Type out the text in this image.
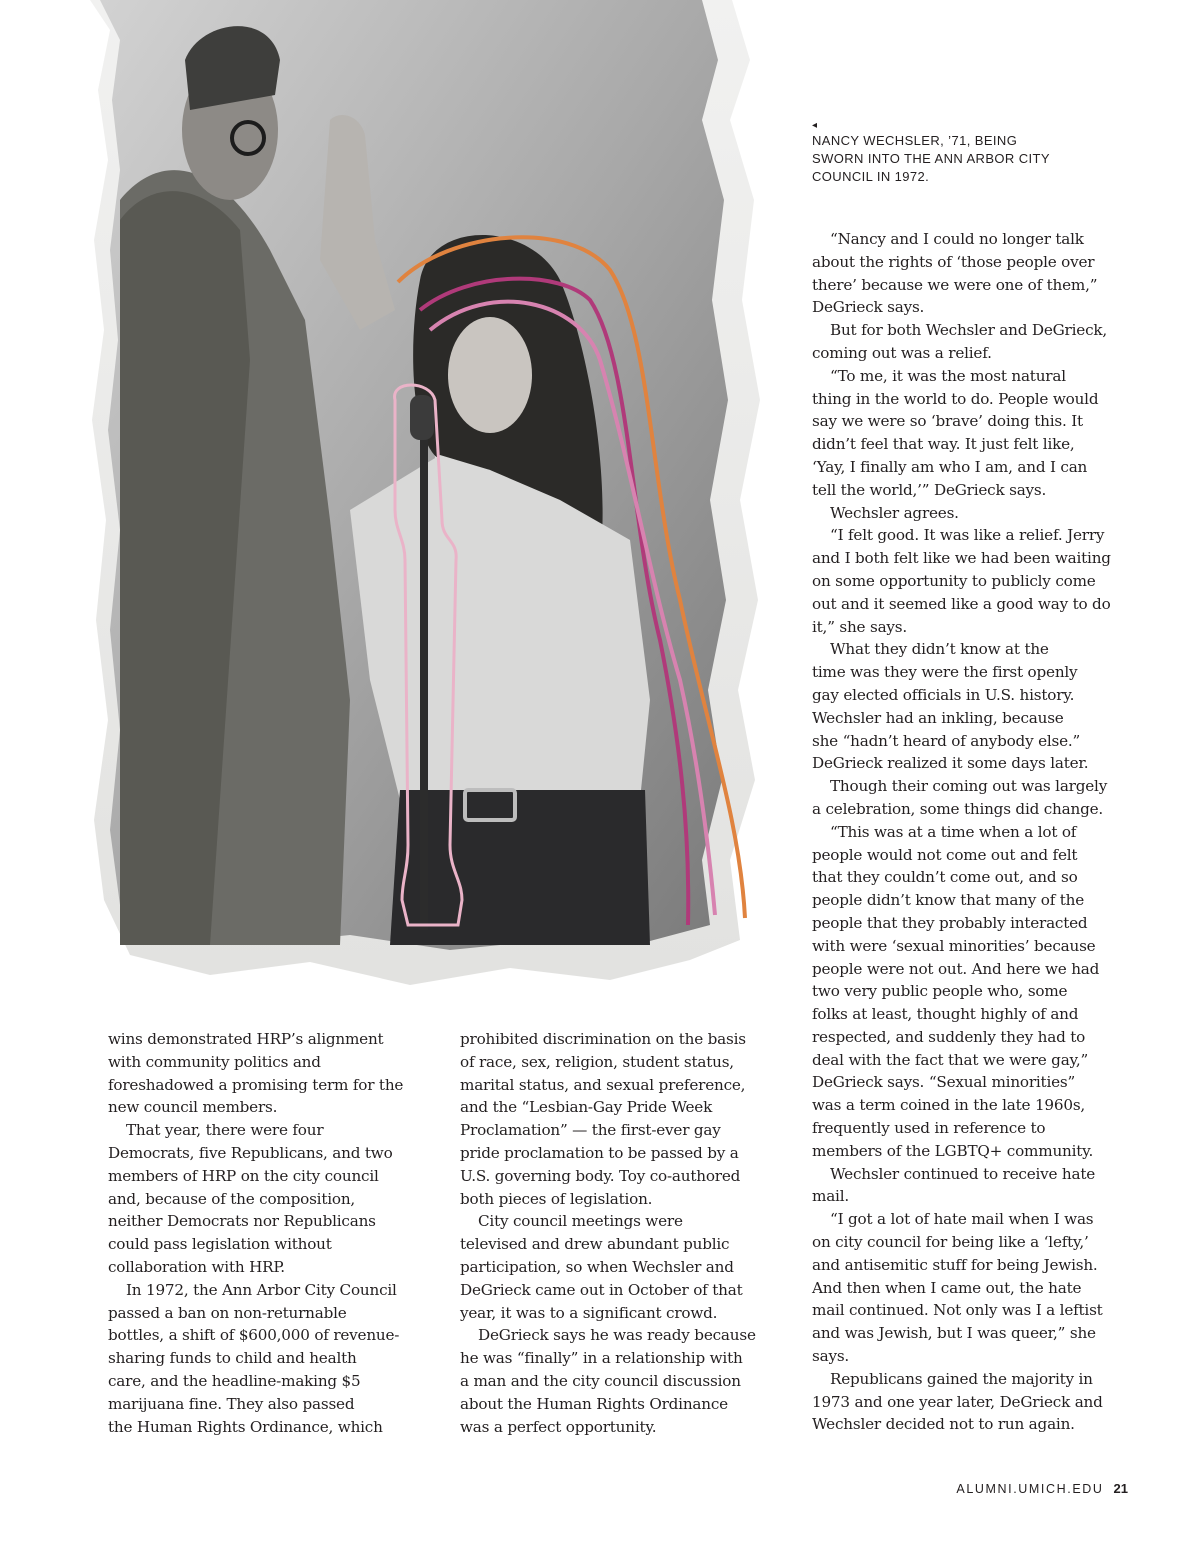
◂
NANCY WECHSLER, ’71, BEING
SWORN INTO THE ANN ARBOR CITY
COUNCIL IN 1972.

wins demonstrated HRP’s alignment
with community politics and
foreshadowed a promising term for the
new council members.

That year, there were four
Democrats, five Republicans, and two
members of HRP on the city council
and, because of the composition,
neither Democrats nor Republicans
could pass legislation without
collaboration with HRP.

In 1972, the Ann Arbor City Council
passed a ban on non-returnable
bottles, a shift of $600,000 of revenue-
sharing funds to child and health
care, and the headline-making $5
marijuana fine. They also passed
the Human Rights Ordinance, which

prohibited discrimination on the basis
of race, sex, religion, student status,
marital status, and sexual preference,
and the “Lesbian-Gay Pride Week
Proclamation” — the first-ever gay
pride proclamation to be passed by a
U.S. governing body. Toy co-authored
both pieces of legislation.

City council meetings were
televised and drew abundant public
participation, so when Wechsler and
DeGrieck came out in October of that
year, it was to a significant crowd.

DeGrieck says he was ready because
he was “finally” in a relationship with
a man and the city council discussion
about the Human Rights Ordinance
was a perfect opportunity.

“Nancy and I could no longer talk
about the rights of ‘those people over
there’ because we were one of them,”
DeGrieck says.

But for both Wechsler and DeGrieck,
coming out was a relief.

“To me, it was the most natural
thing in the world to do. People would
say we were so ‘brave’ doing this. It
didn’t feel that way. It just felt like,
‘Yay, I finally am who I am, and I can
tell the world,’” DeGrieck says.

Wechsler agrees.

“I felt good. It was like a relief. Jerry
and I both felt like we had been waiting
on some opportunity to publicly come
out and it seemed like a good way to do
it,” she says.

What they didn’t know at the
time was they were the first openly
gay elected officials in U.S. history.
Wechsler had an inkling, because
she “hadn’t heard of anybody else.”
DeGrieck realized it some days later.

Though their coming out was largely
a celebration, some things did change.

“This was at a time when a lot of
people would not come out and felt
that they couldn’t come out, and so
people didn’t know that many of the
people that they probably interacted
with were ‘sexual minorities’ because
people were not out. And here we had
two very public people who, some
folks at least, thought highly of and
respected, and suddenly they had to
deal with the fact that we were gay,”
DeGrieck says. “Sexual minorities”
was a term coined in the late 1960s,
frequently used in reference to
members of the LGBTQ+ community.

Wechsler continued to receive hate
mail.

“I got a lot of hate mail when I was
on city council for being like a ‘lefty,’
and antisemitic stuff for being Jewish.
And then when I came out, the hate
mail continued. Not only was I a leftist
and was Jewish, but I was queer,” she
says.

Republicans gained the majority in
1973 and one year later, DeGrieck and
Wechsler decided not to run again.

ALUMNI.UMICH.EDU 21
